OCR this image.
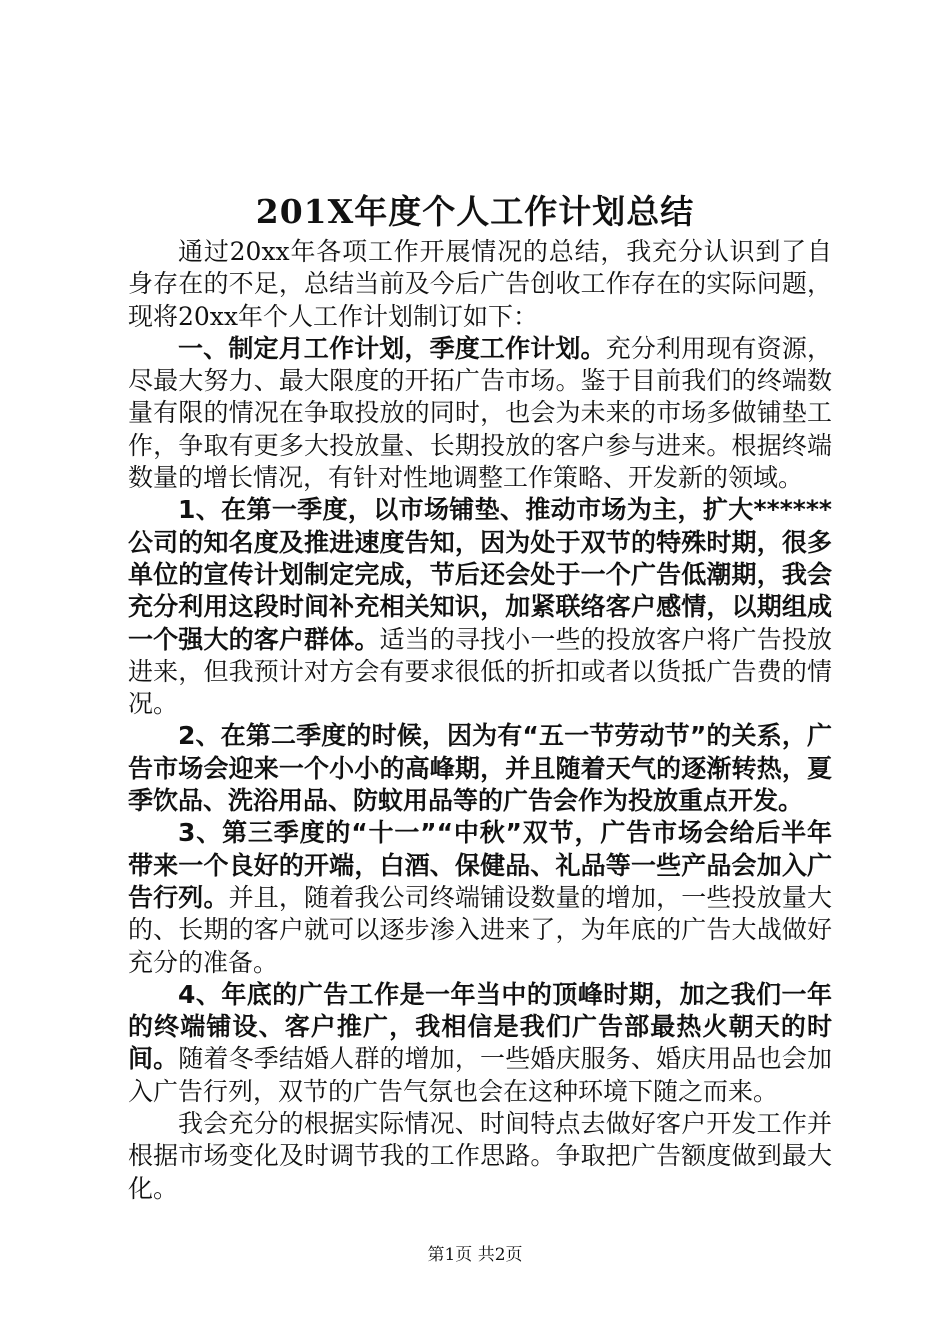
201X年度个人工作计划总结

通过20xx年各项工作开展情况的总结，我充分认识到了自身存在的不足，总结当前及今后广告创收工作存在的实际问题，现将20xx年个人工作计划制订如下：

一、制定月工作计划，季度工作计划。充分利用现有资源，尽最大努力、最大限度的开拓广告市场。鉴于目前我们的终端数量有限的情况在争取投放的同时，也会为未来的市场多做铺垫工作，争取有更多大投放量、长期投放的客户参与进来。根据终端数量的增长情况，有针对性地调整工作策略、开发新的领域。

1、在第一季度，以市场铺垫、推动市场为主，扩大******公司的知名度及推进速度告知，因为处于双节的特殊时期，很多单位的宣传计划制定完成，节后还会处于一个广告低潮期，我会充分利用这段时间补充相关知识，加紧联络客户感情，以期组成一个强大的客户群体。适当的寻找小一些的投放客户将广告投放进来，但我预计对方会有要求很低的折扣或者以货抵广告费的情况。

2、在第二季度的时候，因为有“五一节劳动节”的关系，广告市场会迎来一个小小的高峰期，并且随着天气的逐渐转热，夏季饮品、洗浴用品、防蚊用品等的广告会作为投放重点开发。

3、第三季度的“十一”“中秋”双节，广告市场会给后半年带来一个良好的开端，白酒、保健品、礼品等一些产品会加入广告行列。并且，随着我公司终端铺设数量的增加，一些投放量大的、长期的客户就可以逐步渗入进来了，为年底的广告大战做好充分的准备。

4、年底的广告工作是一年当中的顶峰时期，加之我们一年的终端铺设、客户推广，我相信是我们广告部最热火朝天的时间。随着冬季结婚人群的增加，一些婚庆服务、婚庆用品也会加入广告行列，双节的广告气氛也会在这种环境下随之而来。

我会充分的根据实际情况、时间特点去做好客户开发工作并根据市场变化及时调节我的工作思路。争取把广告额度做到最大化。

第1页 共2页
